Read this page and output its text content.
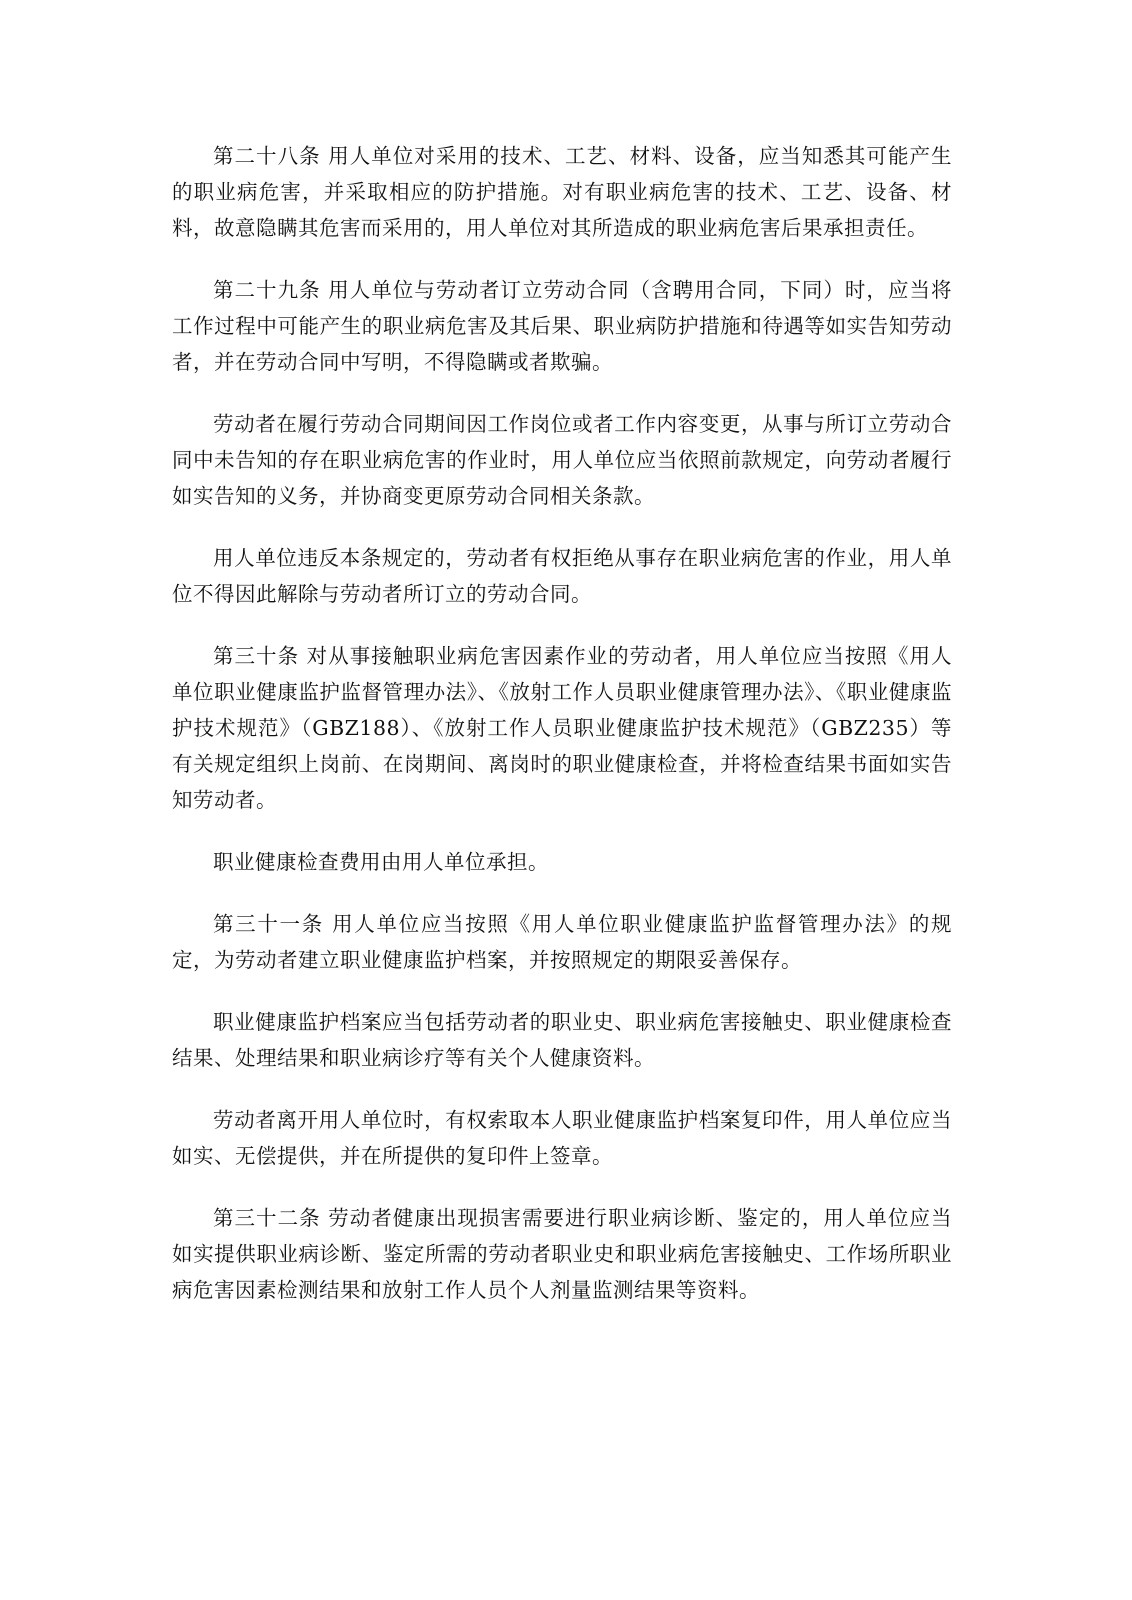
第二十八条 用人单位对采用的技术、工艺、材料、设备，应当知悉其可能产生的职业病危害，并采取相应的防护措施。对有职业病危害的技术、工艺、设备、材料，故意隐瞒其危害而采用的，用人单位对其所造成的职业病危害后果承担责任。

第二十九条 用人单位与劳动者订立劳动合同（含聘用合同，下同）时，应当将工作过程中可能产生的职业病危害及其后果、职业病防护措施和待遇等如实告知劳动者，并在劳动合同中写明，不得隐瞒或者欺骗。

劳动者在履行劳动合同期间因工作岗位或者工作内容变更，从事与所订立劳动合同中未告知的存在职业病危害的作业时，用人单位应当依照前款规定，向劳动者履行如实告知的义务，并协商变更原劳动合同相关条款。

用人单位违反本条规定的，劳动者有权拒绝从事存在职业病危害的作业，用人单位不得因此解除与劳动者所订立的劳动合同。

第三十条 对从事接触职业病危害因素作业的劳动者，用人单位应当按照《用人单位职业健康监护监督管理办法》、《放射工作人员职业健康管理办法》、《职业健康监护技术规范》（GBZ188）、《放射工作人员职业健康监护技术规范》（GBZ235）等有关规定组织上岗前、在岗期间、离岗时的职业健康检查，并将检查结果书面如实告知劳动者。

职业健康检查费用由用人单位承担。

第三十一条 用人单位应当按照《用人单位职业健康监护监督管理办法》的规定，为劳动者建立职业健康监护档案，并按照规定的期限妥善保存。

职业健康监护档案应当包括劳动者的职业史、职业病危害接触史、职业健康检查结果、处理结果和职业病诊疗等有关个人健康资料。

劳动者离开用人单位时，有权索取本人职业健康监护档案复印件，用人单位应当如实、无偿提供，并在所提供的复印件上签章。

第三十二条 劳动者健康出现损害需要进行职业病诊断、鉴定的，用人单位应当如实提供职业病诊断、鉴定所需的劳动者职业史和职业病危害接触史、工作场所职业病危害因素检测结果和放射工作人员个人剂量监测结果等资料。
